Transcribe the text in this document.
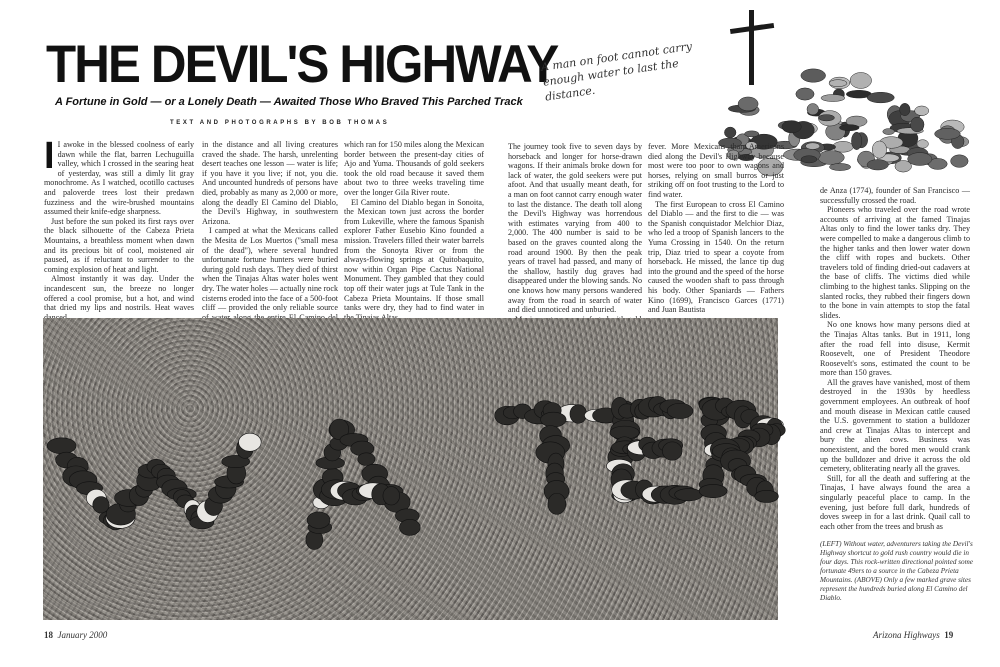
THE DEVIL'S HIGHWAY
A Fortune in Gold — or a Lonely Death — Awaited Those Who Braved This Parched Track
TEXT AND PHOTOGRAPHS BY BOB THOMAS
A man on foot cannot carry enough water to last the distance.

I I awoke in the blessed coolness of early dawn while the flat, barren Lechuguilla valley, which I crossed in the searing heat of yesterday, was still a dimly lit gray monochrome. As I watched, ocotillo cactuses and paloverde trees lost their predawn fuzziness and the wire-brushed mountains assumed their knife-edge sharpness.

Just before the sun poked its first rays over the black silhouette of the Cabeza Prieta Mountains, a breathless moment when dawn and its precious bit of cool, moistened air paused, as if reluctant to surrender to the coming explosion of heat and light.

Almost instantly it was day. Under the incandescent sun, the breeze no longer offered a cool promise, but a hot, and wind that dried my lips and nostrils. Heat waves

in the distance and all living creatures craved the shade. The harsh, unrelenting desert teaches one lesson — water is life; if you have it you live; if not, you die. And uncounted hundreds of persons have died, probably as many as 2,000 or more, along the deadly El Camino del Diablo, the Devil's Highway, in southwestern Arizona.

I camped at what the Mexicans called the Mesita de Los Muertos ("small mesa of the dead"), where several hundred unfortunate fortune hunters were buried during gold rush days. They died of thirst when the Tinajas Altas water holes went dry. The water holes — actually nine rock cisterns eroded into the face of a 500-foot cliff — provided the only reliable source

which ran for 150 miles along the Mexican border between the present-day cities of Ajo and Yuma. Thousands of gold seekers took the old road because it saved them about two to three weeks traveling time over the longer Gila River route.

El Camino del Diablo began in Sonoita, the Mexican town just across the border from Lukeville, where the famous Spanish explorer Father Eusebio Kino founded a mission. Travelers filled their water barrels from the Sonoyta River or from the always-flowing springs at Quitobaquito, now within Organ Pipe Cactus National Monument. They gambled that they could top off their water jugs at Tule Tank in the Cabeza Prieta Mountains. If those small tanks were dry, they had to find water in

The journey took five to seven days by horseback and longer for horse-drawn wagons. If their animals broke down for lack of water, the gold seekers were put afoot. And that usually meant death, for a man on foot cannot carry enough water to last the distance. The death toll along the Devil's Highway was horrendous with estimates varying from 400 to 2,000. The 400 number is said to be based on the graves counted along the road around 1900. By then the peak years of travel had passed, and many of the shallow, hastily dug graves had disappeared under the blowing sands. No one knows how many persons wandered away from the road in search of water and died unnoticed and unburied.

fever. More Mexicans than Americans died along the Devil's Highway because most were too poor to own wagons and horses, relying on small burros or just striking off on foot trusting to the Lord to find water.

The first European to cross El Camino del Diablo — and the first to die — was the Spanish conquistador Melchior Diaz, who led a troop of Spanish lancers to the Yuma Crossing in 1540. On the return trip, Diaz tried to spear a coyote from horseback. He missed, the lance tip dug into the ground and the speed of the horse caused the wooden shaft to pass through his body. Other Spaniards — Fathers Kino (1699), Francisco Garces (1771) and Juan Bautista

de Anza (1774), founder of San Francisco — successfully crossed the road.

Pioneers who traveled over the road wrote accounts of arriving at the famed Tinajas Altas only to find the lower tanks dry. They were compelled to make a dangerous climb to the higher tanks and then lower water down the cliff with ropes and buckets. Other travelers told of finding dried-out cadavers at the base of cliffs. The victims died while climbing to the highest tanks. Slipping on the slanted rocks, they rubbed their fingers down to the bone in vain attempts to stop the fatal slides.

No one knows how many persons died at the Tinajas Altas tanks. But in 1911, long after the road fell into disuse, Kermit Roosevelt, one of President Theodore Roosevelt's sons, estimated the count to be more than 150 graves.

All the graves have vanished, most of them destroyed in the 1930s by heedless government employees. An outbreak of hoof and mouth disease in Mexican cattle caused the U.S. government to station a bulldozer and crew at Tinajas Altas to intercept and bury the alien cows. Business was nonexistent, and the bored men would crank up the bulldozer and drive it across the old cemetery, obliterating nearly all the graves.

Still, for all the death and suffering at the Tinajas, I have always found the area a singularly peaceful place to camp. In the evening, just before full dark, hundreds of doves sweep in for a last drink. Quail call to each other from the trees and brush as

(LEFT) Without water, adventurers taking the Devil's Highway shortcut to gold rush country would die in four days. This rock-written directional pointed some fortunate 49ers to a source in the Cabeza Prieta Mountains. (ABOVE) Only a few marked grave sites represent the hundreds buried along El Camino del Diablo.
18 January 2000	Arizona Highways 19
